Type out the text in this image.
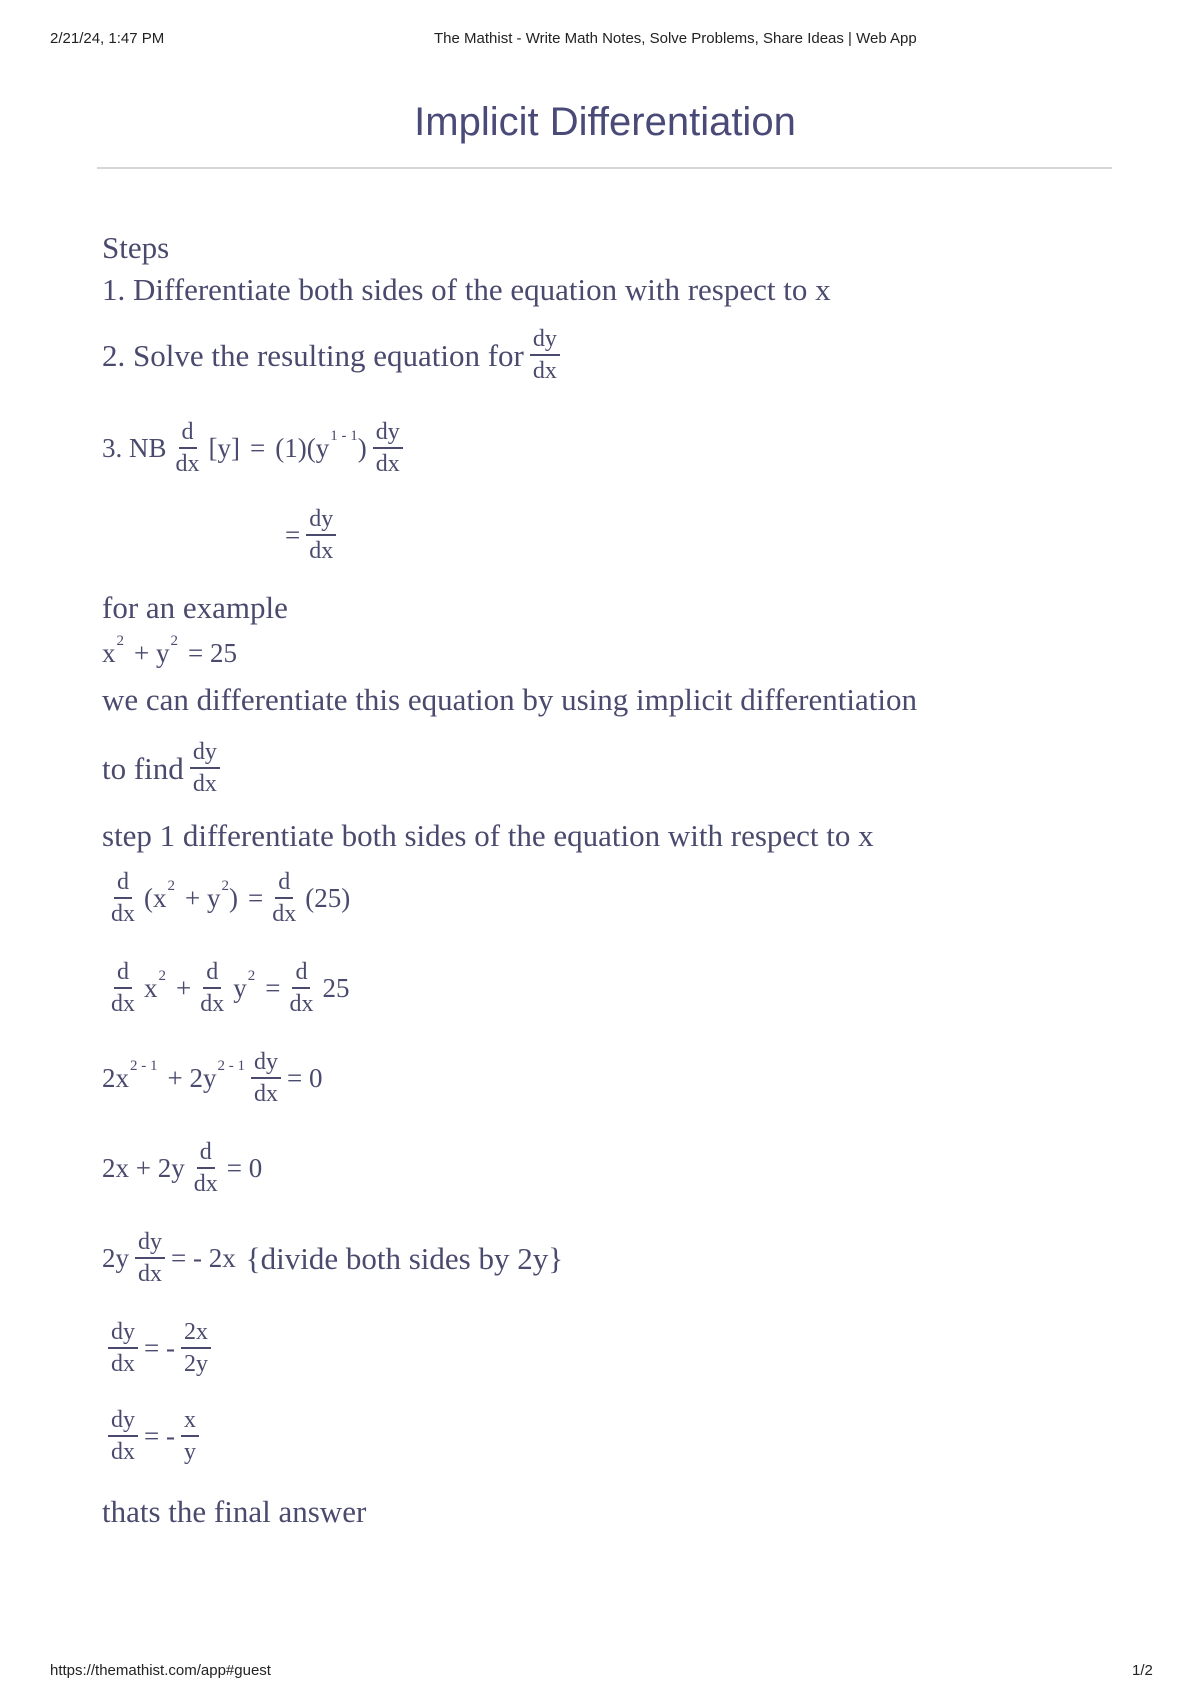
2/21/24, 1:47 PM	The Mathist - Write Math Notes, Solve Problems, Share Ideas | Web App
Implicit Differentiation
Steps
1. Differentiate both sides of the equation with respect to x
2. Solve the resulting equation for $\frac{dy}{dx}$
3. NB $\frac{d}{dx} [y] = (1)(y$ 1 - 1 ) $\frac{dy}{dx}$
= $\frac{dy}{dx}$
for an example
x 2 + y 2 = 25
we can differentiate this equation by using implicit differentiation
to find $\frac{dy}{dx}$
step 1 differentiate both sides of the equation with respect to x
$\frac{d}{dx} (x$ 2 + y 2 ) = $\frac{d}{dx} (25)$
$\frac{d}{dx}$ x $2 + \frac{d}{dx}$ y $2 = \frac{d}{dx} 25$
2x 2 - 1 + 2y $2 - 1 \frac{dy}{dx} = 0$
$2x + 2y \frac{d}{dx} = 0$
$2y \frac{dy}{dx}$ = - 2x {divide both sides by 2y}
$\frac{dy}{dx}$ = - $\frac{2x}{2y}$
$\frac{dy}{dx}$ = - $\frac{x}{y}$
thats the final answer
https://themathist.com/app#guest	1/2
